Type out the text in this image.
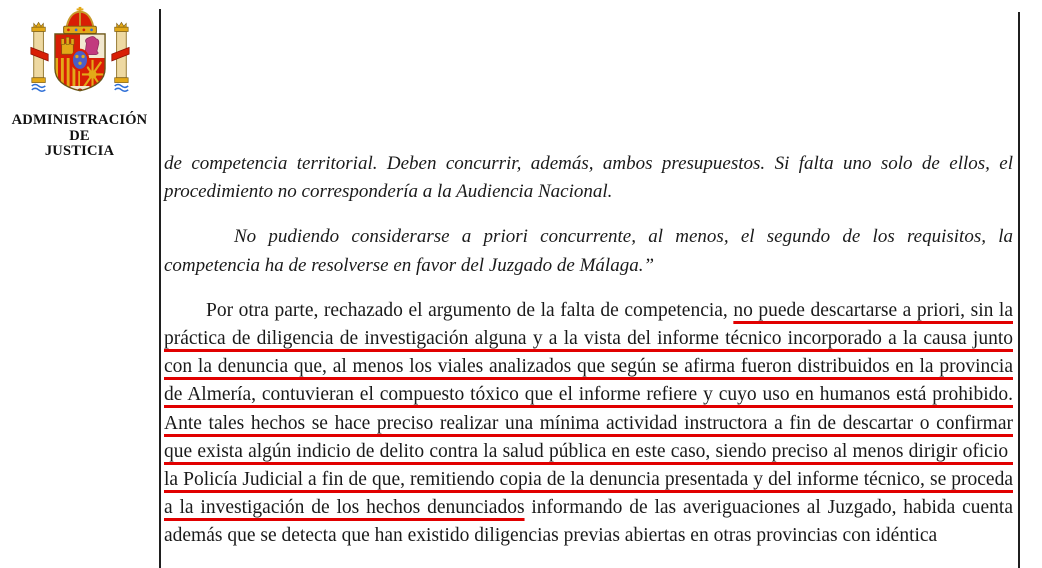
ADMINISTRACIÓN
DE
JUSTICIA

de competencia territorial. Deben concurrir, además, ambos presupuestos. Si falta uno solo de ellos, el procedimiento no correspondería a la Audiencia Nacional.

No pudiendo considerarse a priori concurrente, al menos, el segundo de los requisitos, la competencia ha de resolverse en favor del Juzgado de Málaga.”

Por otra parte, rechazado el argumento de la falta de competencia, no puede descartarse a priori, sin la práctica de diligencia de investigación alguna y a la vista del informe técnico incorporado a la causa junto con la denuncia que, al menos los viales analizados que según se afirma fueron distribuidos en la provincia de Almería, contuvieran el compuesto tóxico que el informe refiere y cuyo uso en humanos está prohibido. Ante tales hechos se hace preciso realizar una mínima actividad instructora a fin de descartar o confirmar que exista algún indicio de delito contra la salud pública en este caso, siendo preciso al menos dirigir oficio  la Policía Judicial a fin de que, remitiendo copia de la denuncia presentada y del informe técnico, se proceda a la investigación de los hechos denunciados informando de las averiguaciones al Juzgado, habida cuenta además que se detecta que han existido diligencias previas abiertas en otras provincias con idéntica
